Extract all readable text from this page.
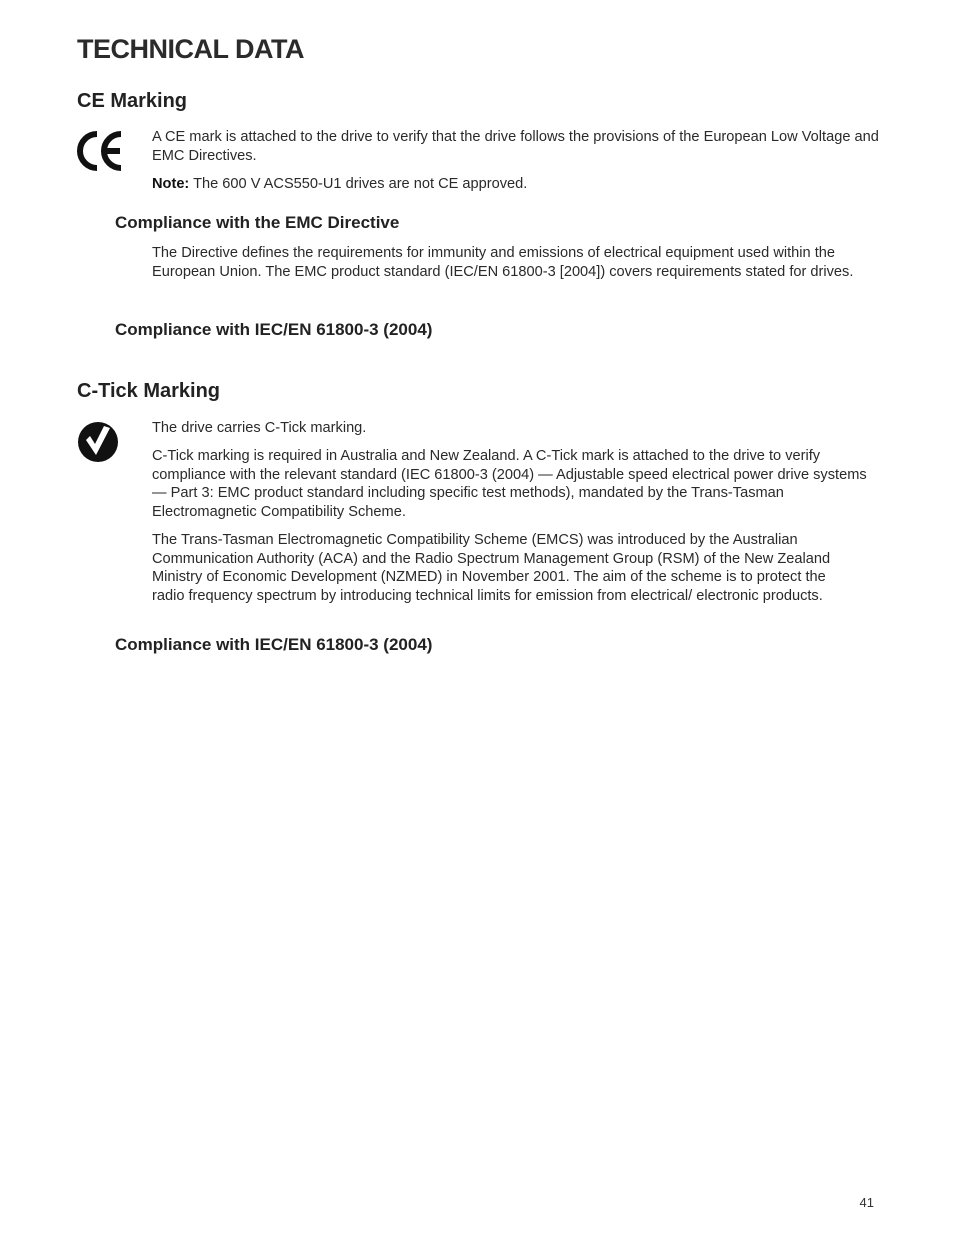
TECHNICAL DATA
CE Marking

A CE mark is attached to the drive to verify that the drive follows the provisions of the European Low Voltage and EMC Directives.

Note: The 600 V ACS550-U1 drives are not CE approved.

Compliance with the EMC Directive

The Directive defines the requirements for immunity and emissions of electrical equipment used within the European Union. The EMC product standard (IEC/EN 61800-3 [2004]) covers requirements stated for drives.

Compliance with IEC/EN 61800-3 (2004)
C-Tick Marking

The drive carries C-Tick marking.

C-Tick marking is required in Australia and New Zealand. A C-Tick mark is attached to the drive to verify compliance with the relevant standard (IEC 61800-3 (2004) — Adjustable speed electrical power drive systems — Part 3: EMC product standard including specific test methods), mandated by the Trans-Tasman Electromagnetic Compatibility Scheme.

The Trans-Tasman Electromagnetic Compatibility Scheme (EMCS) was introduced by the Australian Communication Authority (ACA) and the Radio Spectrum Management Group (RSM) of the New Zealand Ministry of Economic Development (NZMED) in November 2001. The aim of the scheme is to protect the radio frequency spectrum by introducing technical limits for emission from electrical/ electronic products.

Compliance with IEC/EN 61800-3 (2004)
41
